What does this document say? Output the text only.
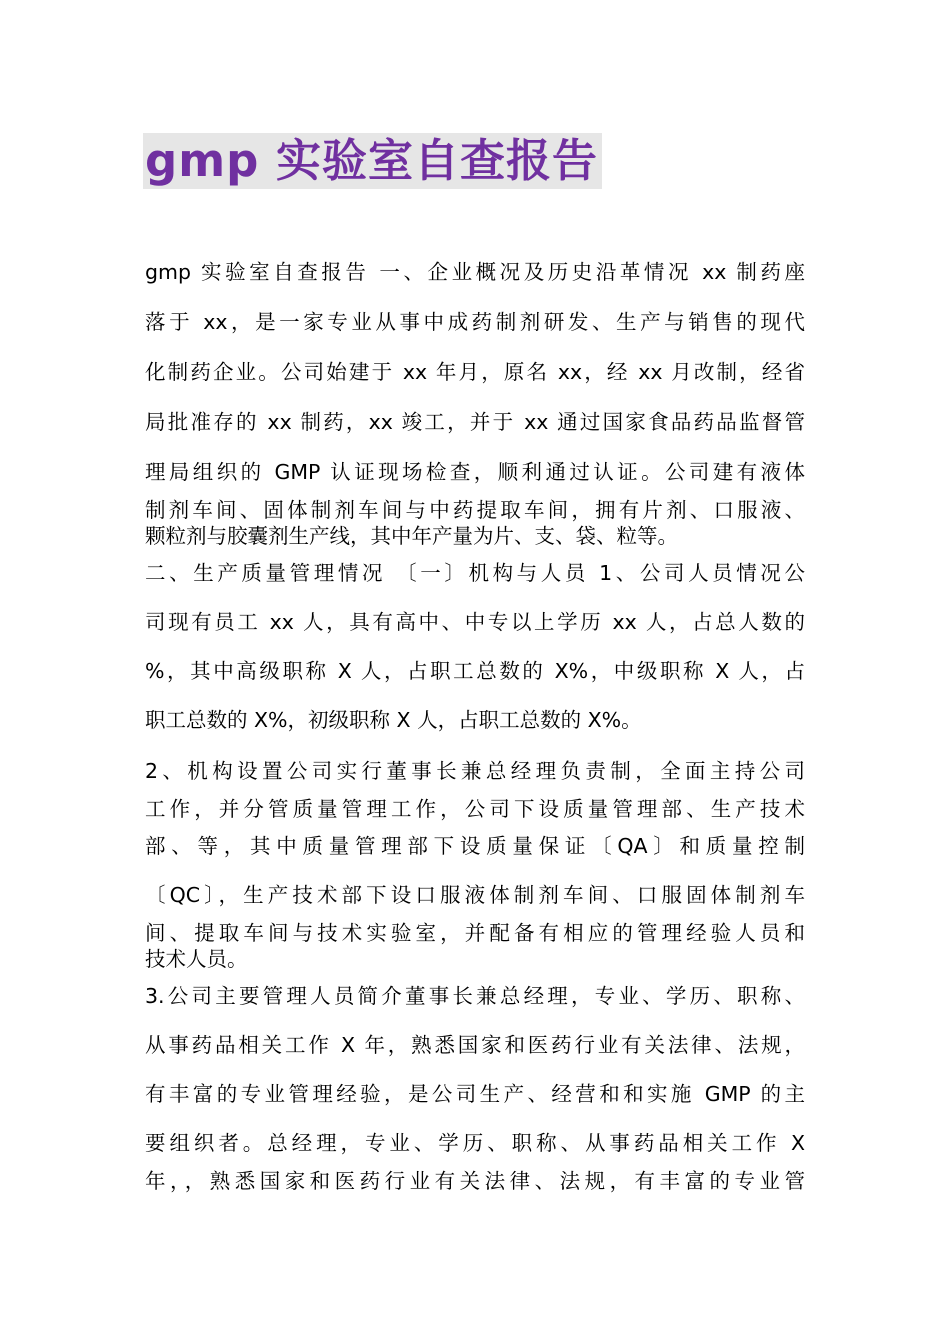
gmp 实验室自查报告
gmp 实验室自查报告 一、企业概况及历史沿革情况 xx 制药座
落于 xx，是一家专业从事中成药制剂研发、生产与销售的现代
化制药企业。公司始建于 xx 年月，原名 xx，经 xx 月改制，经省
局批准存的 xx 制药，xx 竣工，并于 xx 通过国家食品药品监督管
理局组织的 GMP 认证现场检查，顺利通过认证。公司建有液体
制剂车间、固体制剂车间与中药提取车间，拥有片剂、口服液、
颗粒剂与胶囊剂生产线，其中年产量为片、支、袋、粒等。
二、生产质量管理情况 〔一〕机构与人员 1、公司人员情况公
司现有员工 xx 人，具有高中、中专以上学历 xx 人，占总人数的
%，其中高级职称 X 人，占职工总数的 X%，中级职称 X 人，占
职工总数的 X%，初级职称 X 人，占职工总数的 X%。
2、机构设置公司实行董事长兼总经理负责制，全面主持公司
工作，并分管质量管理工作，公司下设质量管理部、生产技术
部、等，其中质量管理部下设质量保证〔QA〕和质量控制
〔QC〕，生产技术部下设口服液体制剂车间、口服固体制剂车
间、提取车间与技术实验室，并配备有相应的管理经验人员和
技术人员。
3.公司主要管理人员简介董事长兼总经理，专业、学历、职称、
从事药品相关工作 X 年，熟悉国家和医药行业有关法律、法规，
有丰富的专业管理经验，是公司生产、经营和和实施 GMP 的主
要组织者。总经理，专业、学历、职称、从事药品相关工作 X
年，，熟悉国家和医药行业有关法律、法规，有丰富的专业管
